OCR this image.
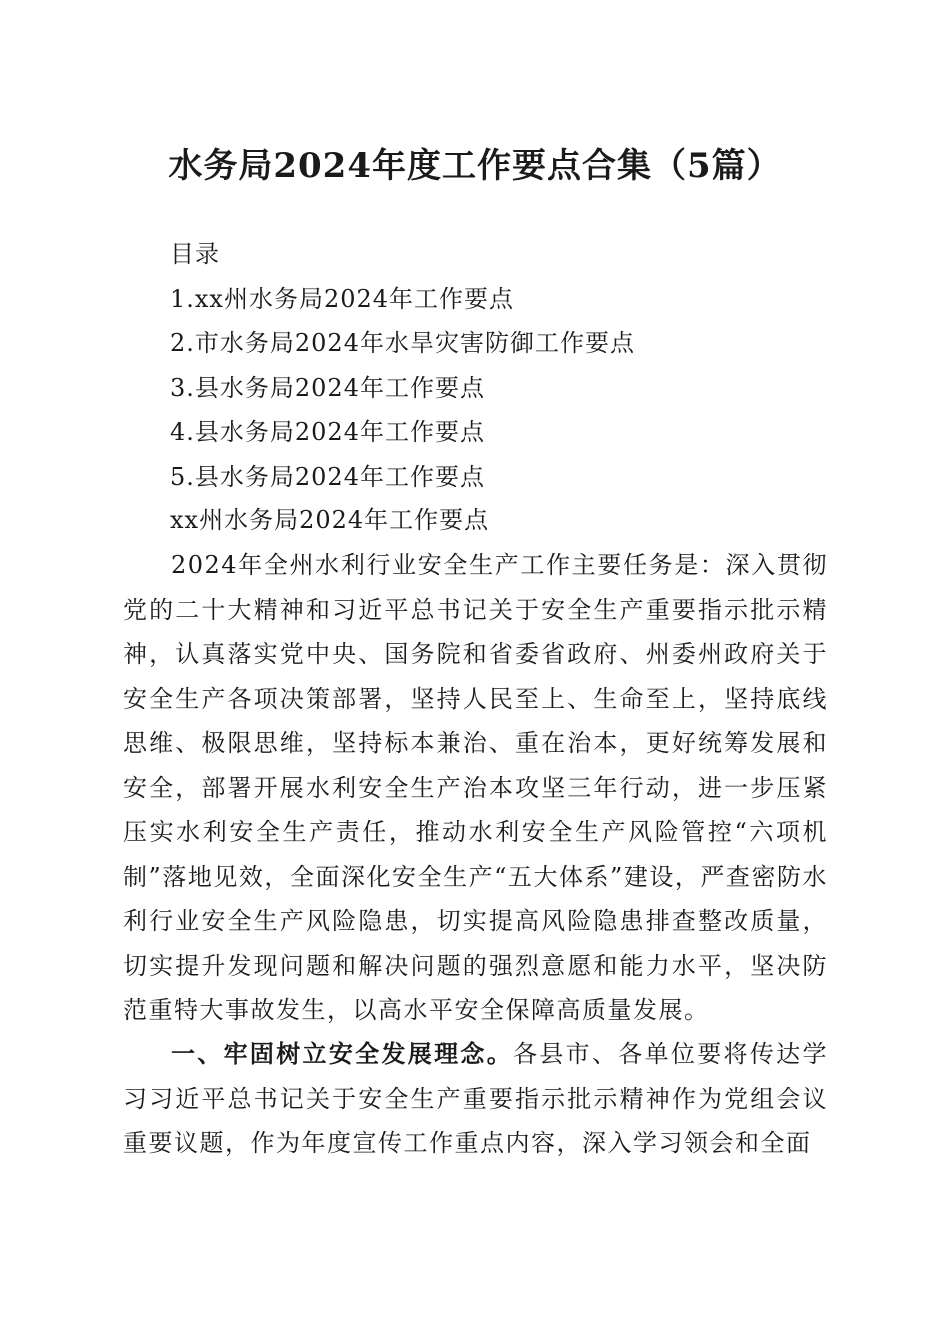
水务局2024年度工作要点合集（5篇）
目录
1.xx州水务局2024年工作要点
2.市水务局2024年水旱灾害防御工作要点
3.县水务局2024年工作要点
4.县水务局2024年工作要点
5.县水务局2024年工作要点
xx州水务局2024年工作要点

2024年全州水利行业安全生产工作主要任务是：深入贯彻党的二十大精神和习近平总书记关于安全生产重要指示批示精神，认真落实党中央、国务院和省委省政府、州委州政府关于安全生产各项决策部署，坚持人民至上、生命至上，坚持底线思维、极限思维，坚持标本兼治、重在治本，更好统筹发展和安全，部署开展水利安全生产治本攻坚三年行动，进一步压紧压实水利安全生产责任，推动水利安全生产风险管控“六项机制”落地见效，全面深化安全生产“五大体系”建设，严查密防水利行业安全生产风险隐患，切实提高风险隐患排查整改质量，切实提升发现问题和解决问题的强烈意愿和能力水平，坚决防范重特大事故发生，以高水平安全保障高质量发展。

一、牢固树立安全发展理念。各县市、各单位要将传达学习习近平总书记关于安全生产重要指示批示精神作为党组会议重要议题，作为年度宣传工作重点内容，深入学习领会和全面
